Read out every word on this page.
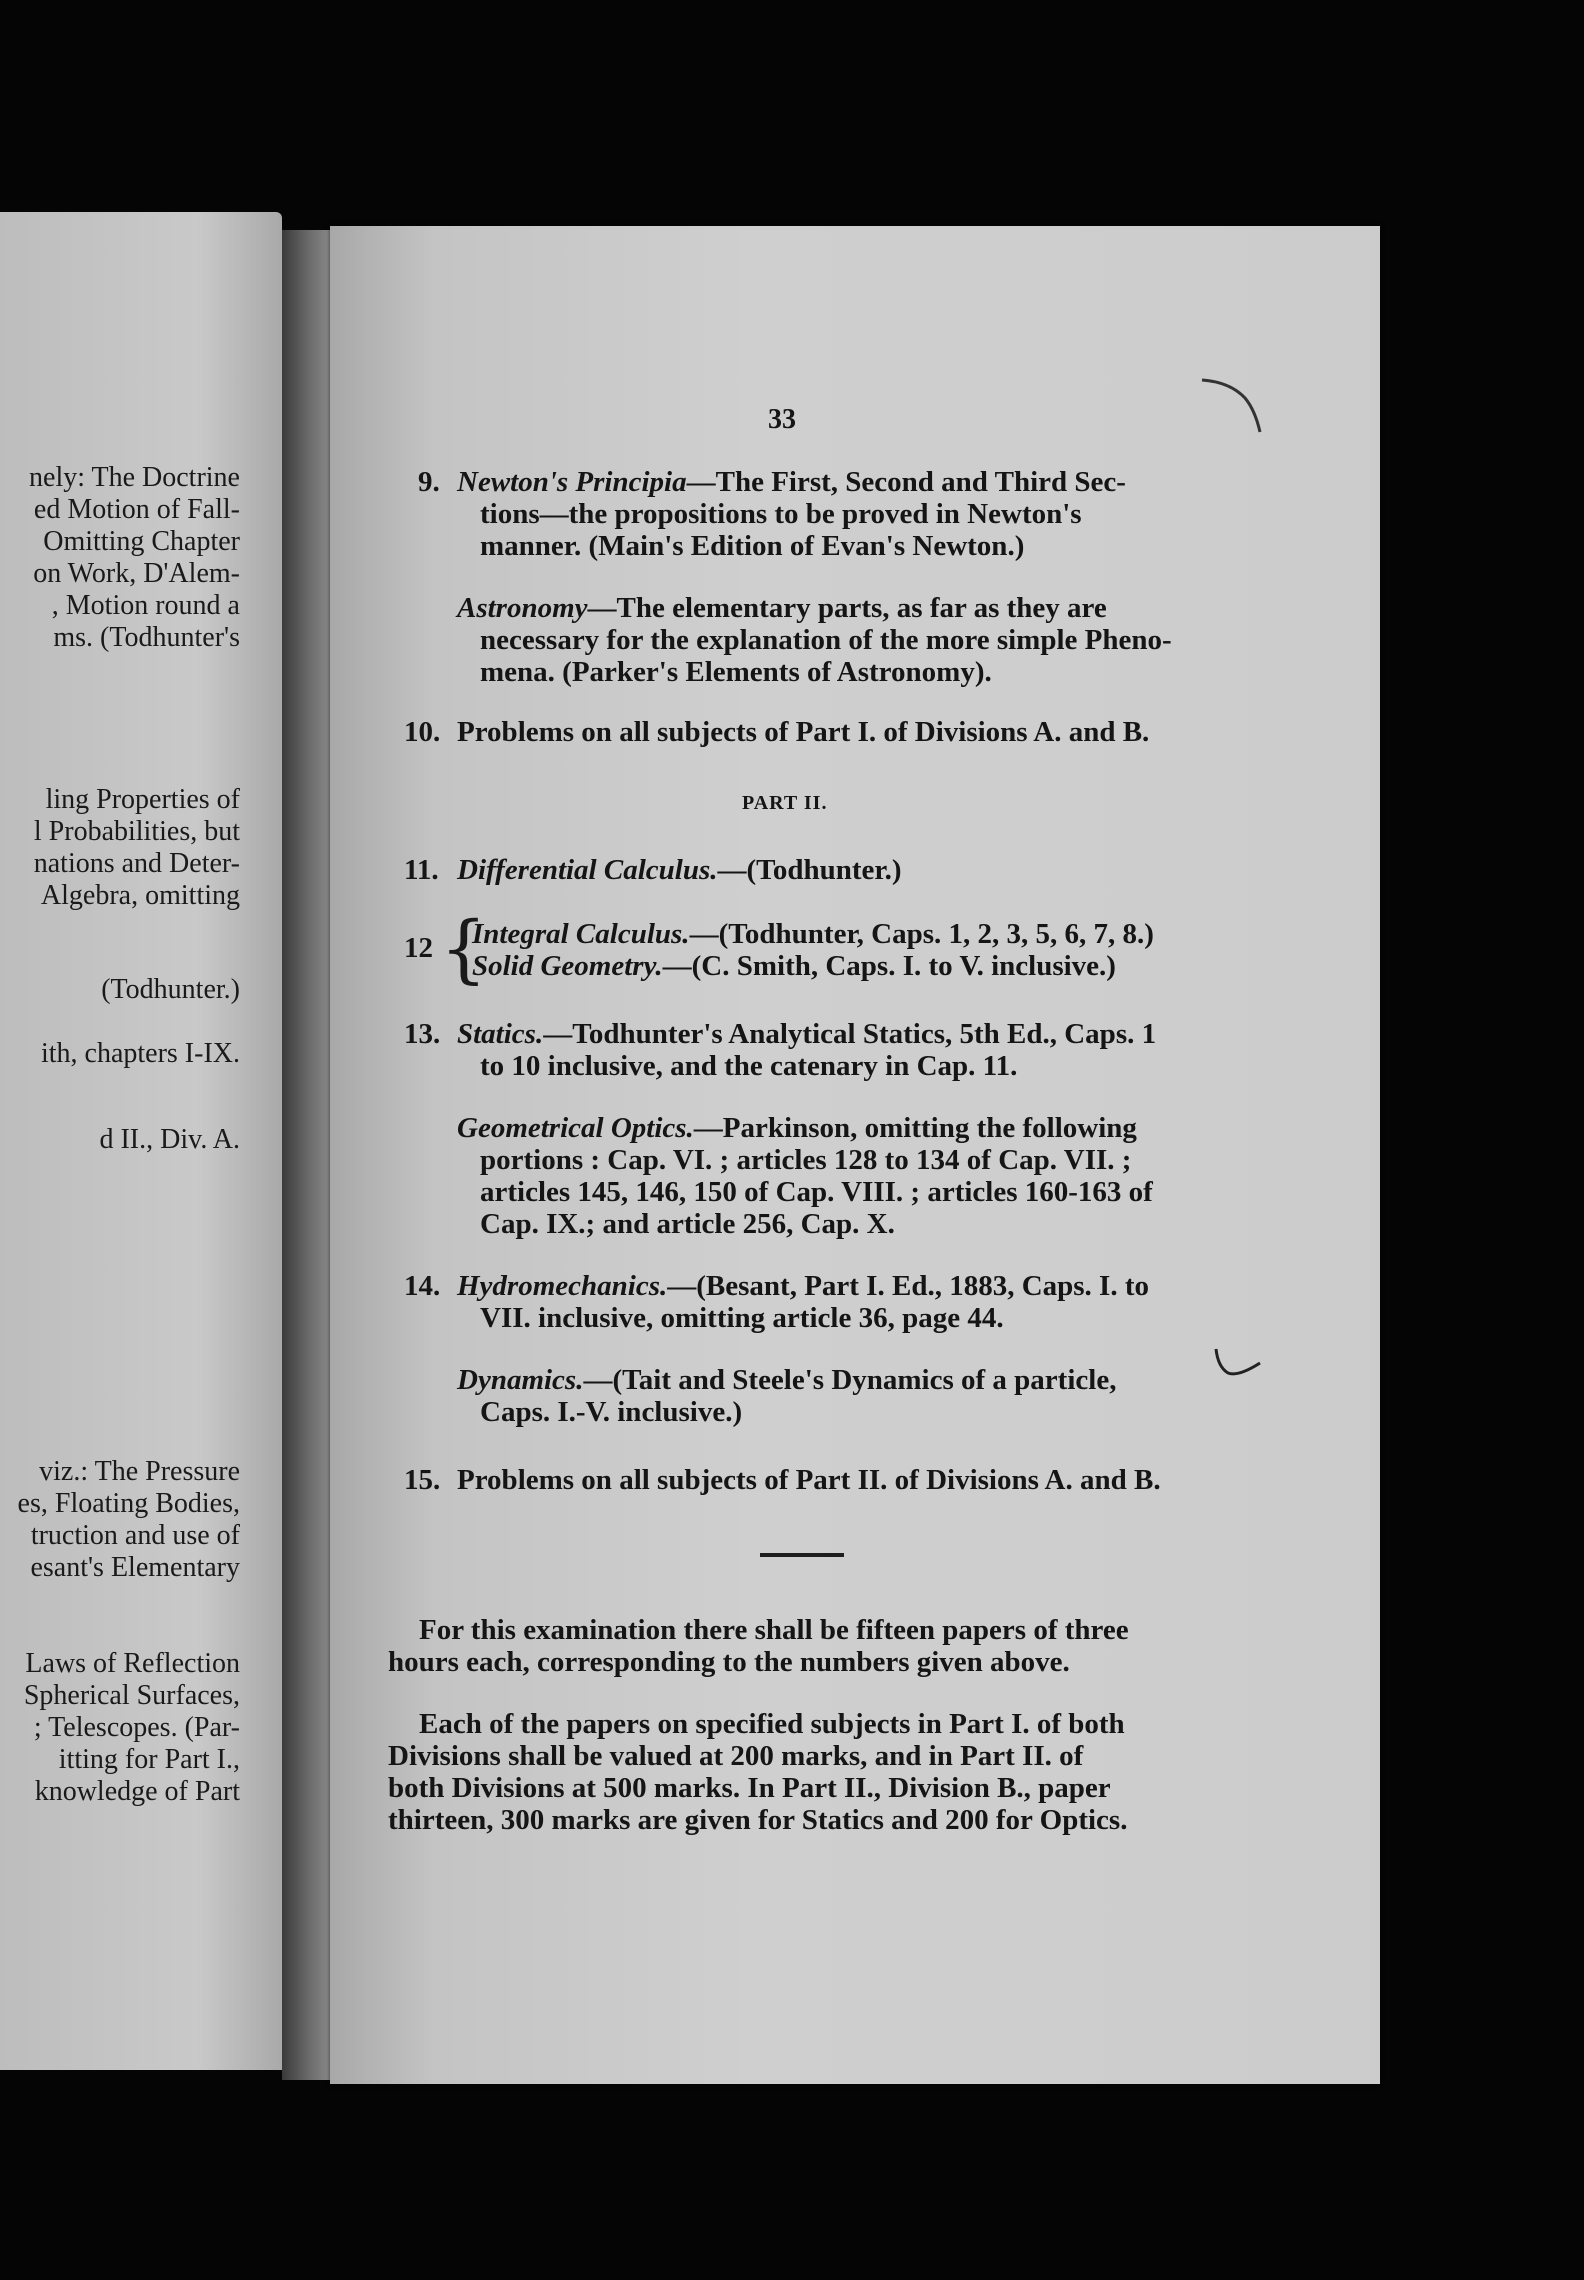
nely: The Doctrine
ed Motion of Fall-
Omitting Chapter
on Work, D'Alem-
, Motion round a
ms. (Todhunter's
ling Properties of
l Probabilities, but
nations and Deter-
Algebra, omitting
(Todhunter.)
ith, chapters I-IX.
d II., Div. A.
viz.: The Pressure
es, Floating Bodies,
truction and use of
esant's Elementary
Laws of Reflection
Spherical Surfaces,
; Telescopes. (Par-
itting for Part I.,
knowledge of Part
33
9. Newton's Principia—The First, Second and Third Sec-
tions—the propositions to be proved in Newton's
manner. (Main's Edition of Evan's Newton.)
Astronomy—The elementary parts, as far as they are
necessary for the explanation of the more simple Pheno-
mena. (Parker's Elements of Astronomy).
10. Problems on all subjects of Part I. of Divisions A. and B.
PART II.
11. Differential Calculus.—(Todhunter.)
12 {
Integral Calculus.—(Todhunter, Caps. 1, 2, 3, 5, 6, 7, 8.)
Solid Geometry.—(C. Smith, Caps. I. to V. inclusive.)
13. Statics.—Todhunter's Analytical Statics, 5th Ed., Caps. 1
to 10 inclusive, and the catenary in Cap. 11.
Geometrical Optics.—Parkinson, omitting the following
portions : Cap. VI. ; articles 128 to 134 of Cap. VII. ;
articles 145, 146, 150 of Cap. VIII. ; articles 160-163 of
Cap. IX.; and article 256, Cap. X.
14. Hydromechanics.—(Besant, Part I. Ed., 1883, Caps. I. to
VII. inclusive, omitting article 36, page 44.
Dynamics.—(Tait and Steele's Dynamics of a particle,
Caps. I.-V. inclusive.)
15. Problems on all subjects of Part II. of Divisions A. and B.
For this examination there shall be fifteen papers of three
hours each, corresponding to the numbers given above.
Each of the papers on specified subjects in Part I. of both
Divisions shall be valued at 200 marks, and in Part II. of
both Divisions at 500 marks. In Part II., Division B., paper
thirteen, 300 marks are given for Statics and 200 for Optics.
